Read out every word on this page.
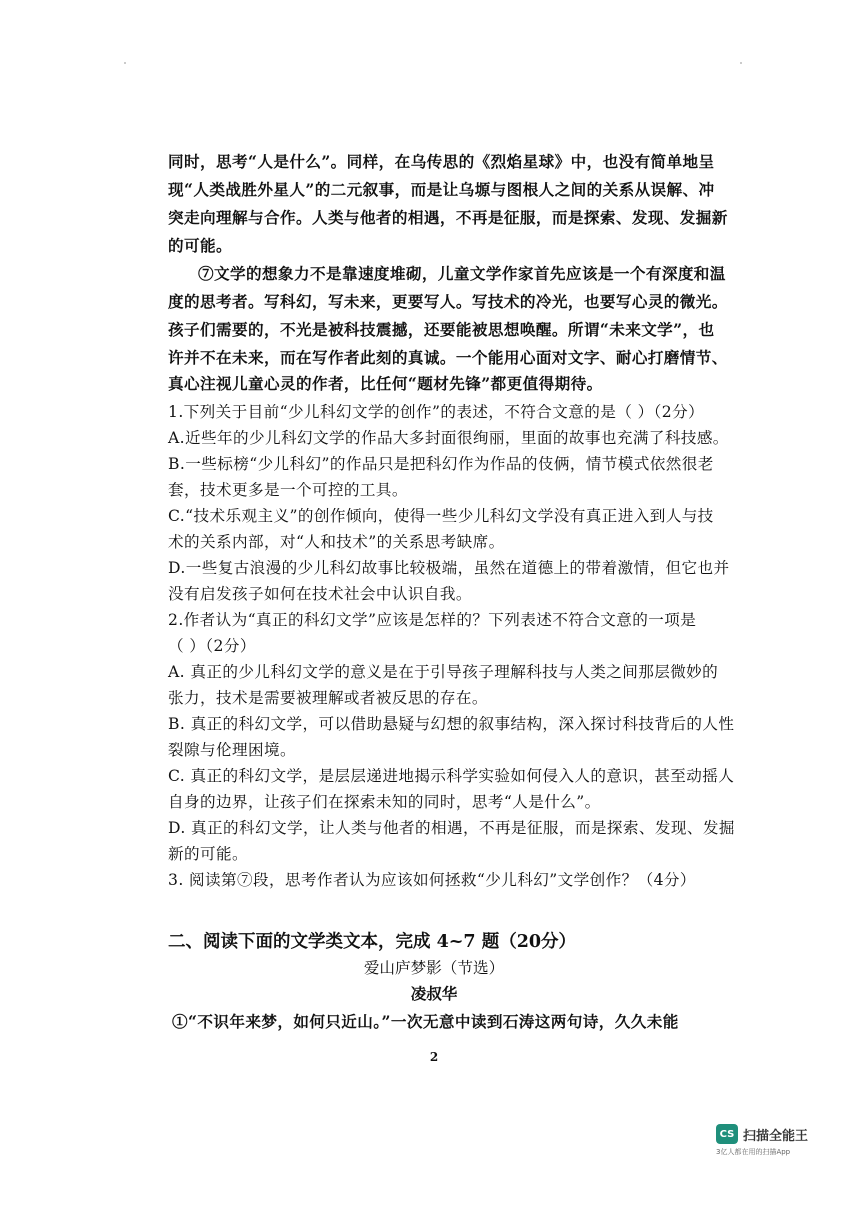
同时，思考“人是什么”。同样，在乌传思的《烈焰星球》中，也没有简单地呈
现“人类战胜外星人”的二元叙事，而是让乌塬与图根人之间的关系从误解、冲
突走向理解与合作。人类与他者的相遇，不再是征服，而是探索、发现、发掘新
的可能。
⑦文学的想象力不是靠速度堆砌，儿童文学作家首先应该是一个有深度和温
度的思考者。写科幻，写未来，更要写人。写技术的冷光，也要写心灵的微光。
孩子们需要的，不光是被科技震撼，还要能被思想唤醒。所谓“未来文学”，也
许并不在未来，而在写作者此刻的真诚。一个能用心面对文字、耐心打磨情节、
真心注视儿童心灵的作者，比任何“题材先锋”都更值得期待。
1.下列关于目前“少儿科幻文学的创作”的表述，不符合文意的是（ ）（2分）
A.近些年的少儿科幻文学的作品大多封面很绚丽，里面的故事也充满了科技感。
B.一些标榜“少儿科幻”的作品只是把科幻作为作品的伎俩，情节模式依然很老
套，技术更多是一个可控的工具。
C.“技术乐观主义”的创作倾向，使得一些少儿科幻文学没有真正进入到人与技
术的关系内部，对“人和技术”的关系思考缺席。
D.一些复古浪漫的少儿科幻故事比较极端，虽然在道德上的带着激情，但它也并
没有启发孩子如何在技术社会中认识自我。
2.作者认为“真正的科幻文学”应该是怎样的？下列表述不符合文意的一项是
（ ）（2分）
A. 真正的少儿科幻文学的意义是在于引导孩子理解科技与人类之间那层微妙的
张力，技术是需要被理解或者被反思的存在。
B. 真正的科幻文学，可以借助悬疑与幻想的叙事结构，深入探讨科技背后的人性
裂隙与伦理困境。
C. 真正的科幻文学，是层层递进地揭示科学实验如何侵入人的意识，甚至动摇人
自身的边界，让孩子们在探索未知的同时，思考“人是什么”。
D. 真正的科幻文学，让人类与他者的相遇，不再是征服，而是探索、发现、发掘
新的可能。
3. 阅读第⑦段，思考作者认为应该如何拯救“少儿科幻”文学创作？（4分）
二、阅读下面的文学类文本，完成 4~7 题（20分）
爱山庐梦影（节选）
凌叔华
①“不识年来梦，如何只近山。”一次无意中读到石涛这两句诗，久久未能
2
CS 扫描全能王
3亿人都在用的扫描App
